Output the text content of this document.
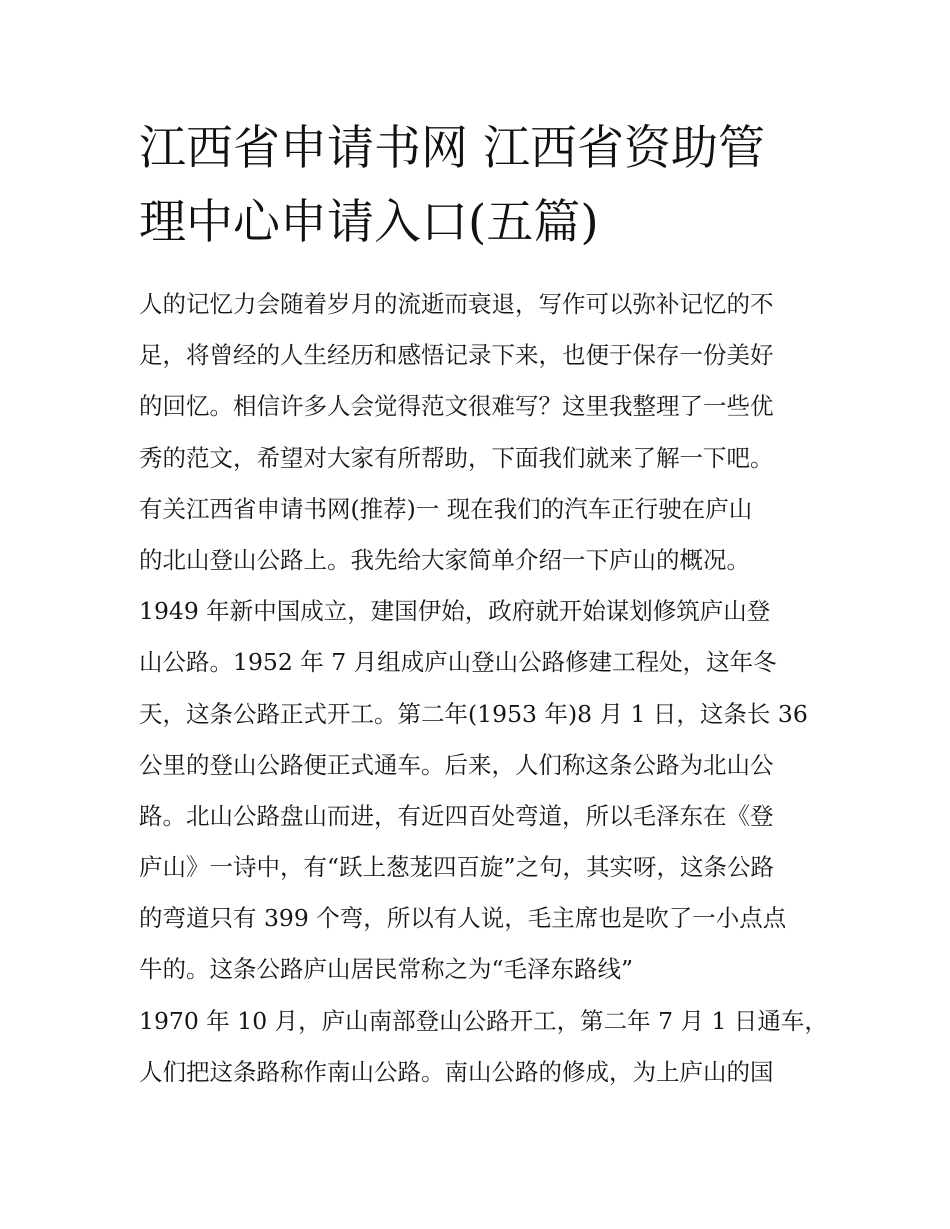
江西省申请书网 江西省资助管
理中心申请入口(五篇)
人的记忆力会随着岁月的流逝而衰退，写作可以弥补记忆的不
足，将曾经的人生经历和感悟记录下来，也便于保存一份美好
的回忆。相信许多人会觉得范文很难写？这里我整理了一些优
秀的范文，希望对大家有所帮助，下面我们就来了解一下吧。
有关江西省申请书网(推荐)一 现在我们的汽车正行驶在庐山
的北山登山公路上。我先给大家简单介绍一下庐山的概况。
1949 年新中国成立，建国伊始，政府就开始谋划修筑庐山登
山公路。1952 年 7 月组成庐山登山公路修建工程处，这年冬
天，这条公路正式开工。第二年(1953 年)8 月 1 日，这条长 36
公里的登山公路便正式通车。后来，人们称这条公路为北山公
路。北山公路盘山而进，有近四百处弯道，所以毛泽东在《登
庐山》一诗中，有“跃上葱茏四百旋”之句，其实呀，这条公路
的弯道只有 399 个弯，所以有人说，毛主席也是吹了一小点点
牛的。这条公路庐山居民常称之为“毛泽东路线”
1970 年 10 月，庐山南部登山公路开工，第二年 7 月 1 日通车，
人们把这条路称作南山公路。南山公路的修成，为上庐山的国
